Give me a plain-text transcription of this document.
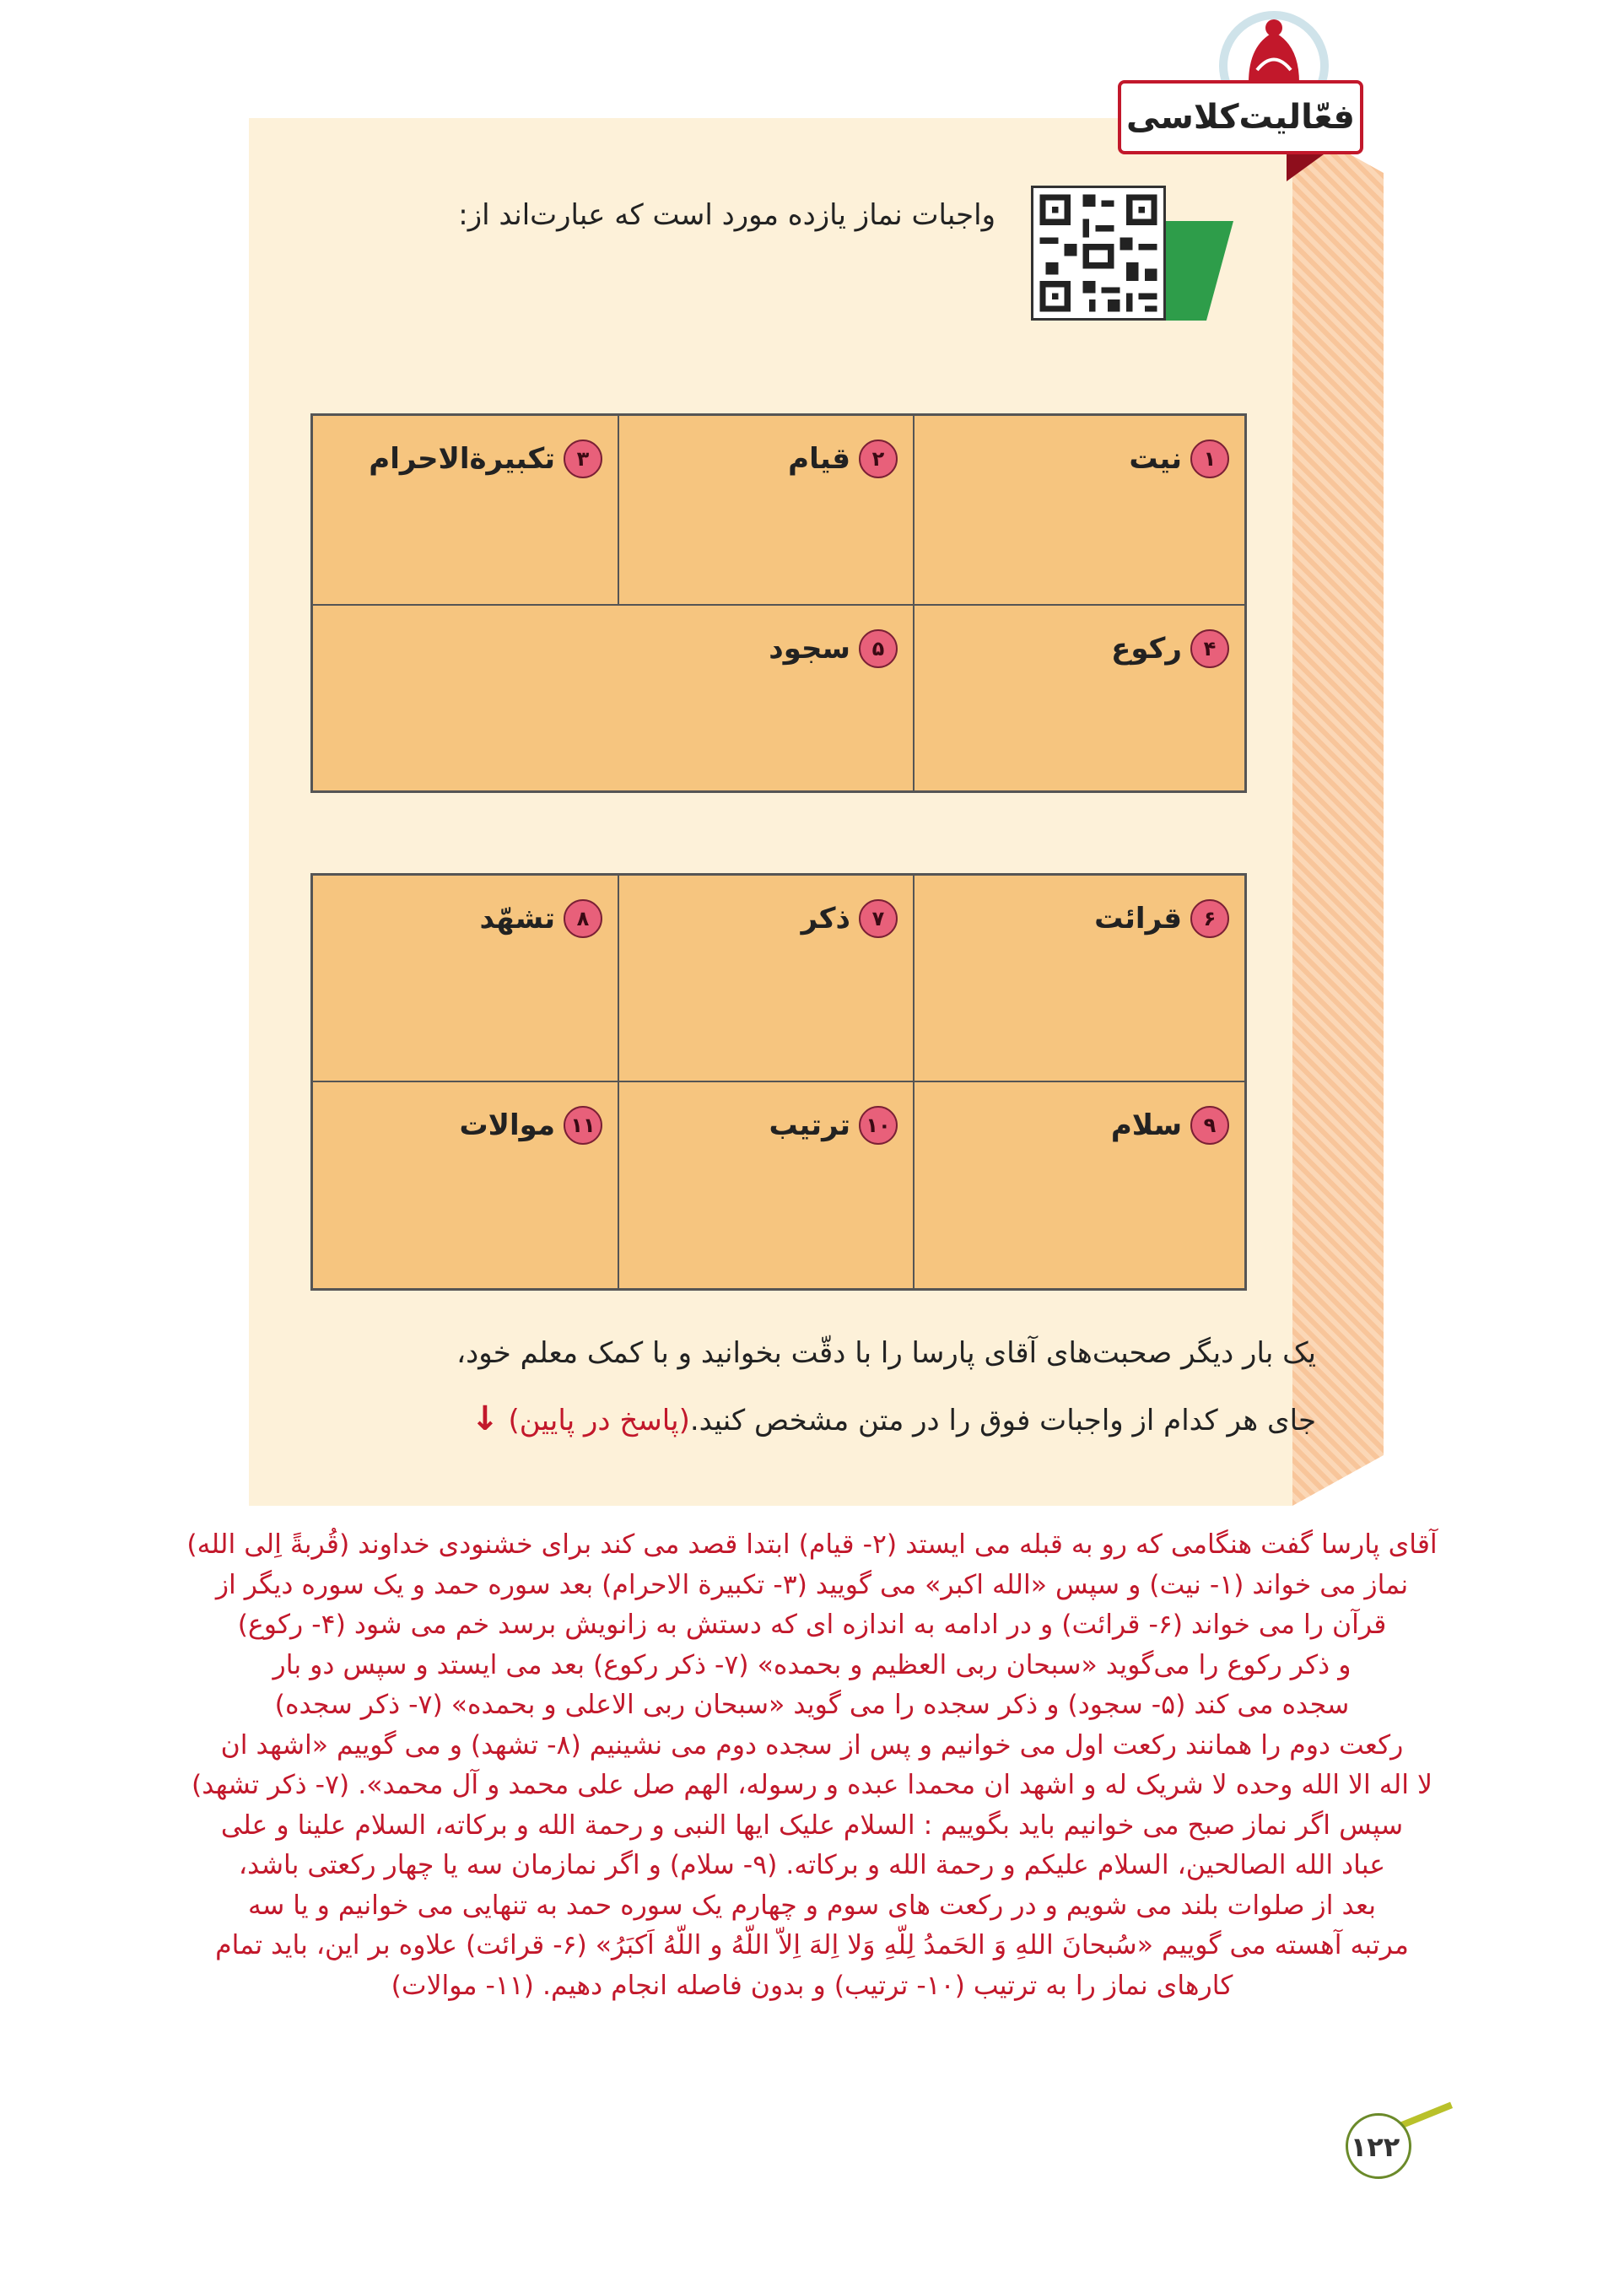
فعّالیت‌کلاسی
واجبات نماز یازده مورد است که عبارت‌اند از:
۱
نیت
۲
قیام
۳
تکبیرة‌الاحرام
۴
رکوع
۵
سجود
۶
قرائت
۷
ذکر
۸
تشهّد
۹
سلام
۱۰
ترتیب
۱۱
موالات
یک بار دیگر صحبت‌های آقای پارسا را با دقّت بخوانید و با کمک معلم خود،
جای هر کدام از واجبات فوق را در متن مشخص کنید.(پاسخ در پایین) ↓

آقای پارسا گفت هنگامی که رو به قبله می ایستد (۲- قیام) ابتدا قصد می کند برای خشنودی خداوند (قُربةً اِلی الله)

نماز می خواند (۱- نیت) و سپس «الله اکبر» می گویید (۳- تکبیرة الاحرام) بعد سوره حمد و یک سوره دیگر از

قرآن را می خواند (۶- قرائت) و در ادامه به اندازه ای که دستش به زانویش برسد خم می شود (۴- رکوع)

و ذکر رکوع را می‌گوید «سبحان ربی العظیم و بحمده» (۷- ذکر رکوع) بعد می ایستد و سپس دو بار

سجده می کند (۵- سجود) و ذکر سجده را می گوید «سبحان ربی الاعلی و بحمده» (۷- ذکر سجده)

رکعت دوم را همانند رکعت اول می خوانیم و پس از سجده دوم می نشینیم (۸- تشهد) و می گوییم «اشهد ان

لا اله الا الله وحده لا شریک له و اشهد ان محمدا عبده و رسوله، الهم صل علی محمد و آل محمد». (۷- ذکر تشهد)

سپس اگر نماز صبح می خوانیم باید بگوییم : السلام علیک ایها النبی و رحمة الله و برکاته، السلام علینا و علی

عباد الله الصالحین، السلام علیکم و رحمة الله و برکاته. (۹- سلام) و اگر نمازمان سه یا چهار رکعتی باشد،

بعد از صلوات بلند می شویم و در رکعت های سوم و چهارم یک سوره حمد به تنهایی می خوانیم و یا سه

مرتبه آهسته می گوییم «سُبحانَ اللهِ وَ الحَمدُ لِلّهِ وَلا اِلهَ اِلاّ اللّهُ و اللّهُ اَکبَرُ» (۶- قرائت) علاوه بر این، باید تمام

کارهای نماز را به ترتیب (۱۰- ترتیب) و بدون فاصله انجام دهیم. (۱۱- موالات)

۱۲۲
